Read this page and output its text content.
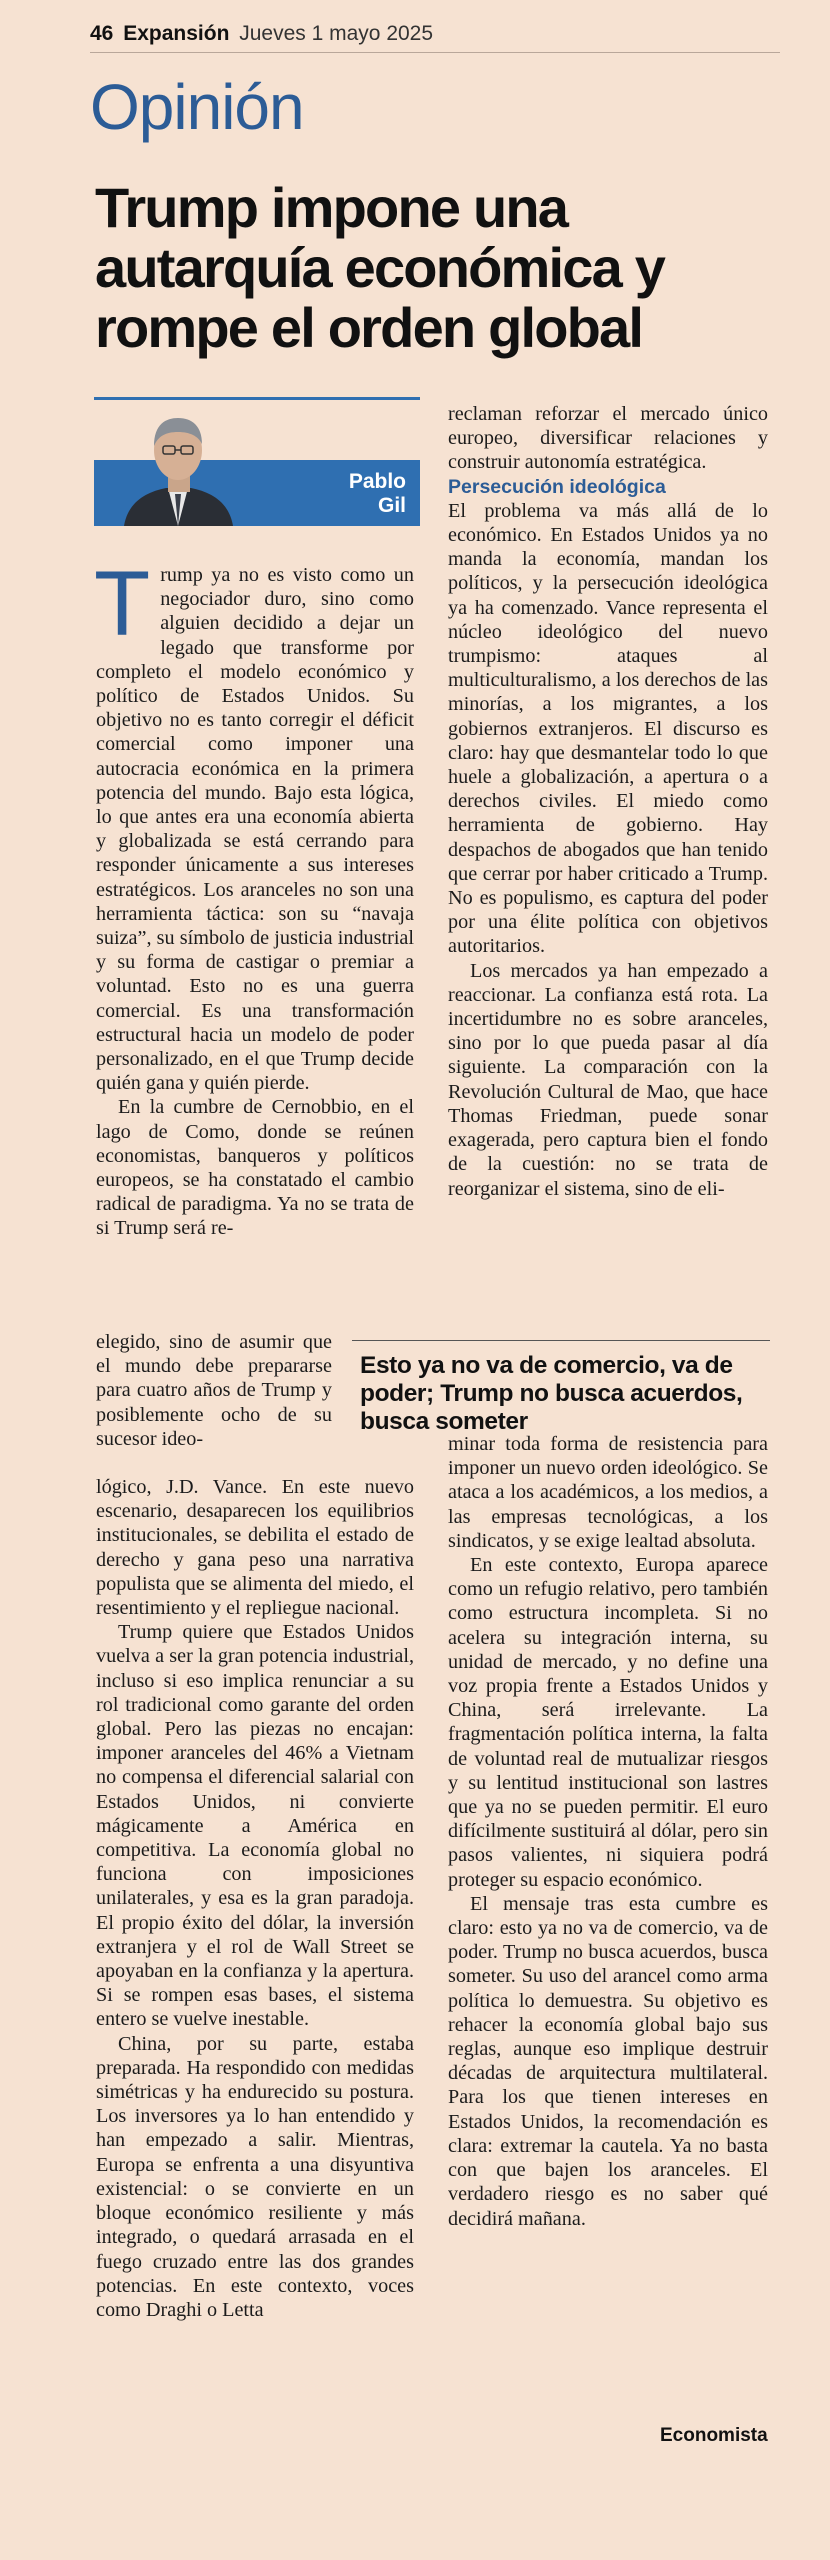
46 Expansión Jueves 1 mayo 2025
Opinión
Trump impone una autarquía económica y rompe el orden global
Pablo
Gil

Trump ya no es visto como un negociador duro, sino como alguien decidido a dejar un legado que transforme por completo el modelo económico y político de Estados Unidos. Su objetivo no es tanto corregir el déficit comercial como imponer una autocracia económica en la primera potencia del mundo. Bajo esta lógica, lo que antes era una economía abierta y globalizada se está cerrando para responder únicamente a sus intereses estratégicos. Los aranceles no son una herramienta táctica: son su “navaja suiza”, su símbolo de justicia industrial y su forma de castigar o premiar a voluntad. Esto no es una guerra comercial. Es una transformación estructural hacia un modelo de poder personalizado, en el que Trump decide quién gana y quién pierde.

En la cumbre de Cernobbio, en el lago de Como, donde se reúnen economistas, banqueros y políticos europeos, se ha constatado el cambio radical de paradigma. Ya no se trata de si Trump será re-

elegido, sino de asumir que el mundo debe prepararse para cuatro años de Trump y posiblemente ocho de su sucesor ideo-

lógico, J.D. Vance. En este nuevo escenario, desaparecen los equilibrios institucionales, se debilita el estado de derecho y gana peso una narrativa populista que se alimenta del miedo, el resentimiento y el repliegue nacional.

Trump quiere que Estados Unidos vuelva a ser la gran potencia industrial, incluso si eso implica renunciar a su rol tradicional como garante del orden global. Pero las piezas no encajan: imponer aranceles del 46% a Vietnam no compensa el diferencial salarial con Estados Unidos, ni convierte mágicamente a América en competitiva. La economía global no funciona con imposiciones unilaterales, y esa es la gran paradoja. El propio éxito del dólar, la inversión extranjera y el rol de Wall Street se apoyaban en la confianza y la apertura. Si se rompen esas bases, el sistema entero se vuelve inestable.

China, por su parte, estaba preparada. Ha respondido con medidas simétricas y ha endurecido su postura. Los inversores ya lo han entendido y han empezado a salir. Mientras, Europa se enfrenta a una disyuntiva existencial: o se convierte en un bloque económico resiliente y más integrado, o quedará arrasada en el fuego cruzado entre las dos grandes potencias. En este contexto, voces como Draghi o Letta

reclaman reforzar el mercado único europeo, diversificar relaciones y construir autonomía estratégica.

Persecución ideológica

El problema va más allá de lo económico. En Estados Unidos ya no manda la economía, mandan los políticos, y la persecución ideológica ya ha comenzado. Vance representa el núcleo ideológico del nuevo trumpismo: ataques al multiculturalismo, a los derechos de las minorías, a los migrantes, a los gobiernos extranjeros. El discurso es claro: hay que desmantelar todo lo que huele a globalización, a apertura o a derechos civiles. El miedo como herramienta de gobierno. Hay despachos de abogados que han tenido que cerrar por haber criticado a Trump. No es populismo, es captura del poder por una élite política con objetivos autoritarios.

Los mercados ya han empezado a reaccionar. La confianza está rota. La incertidumbre no es sobre aranceles, sino por lo que pueda pasar al día siguiente. La comparación con la Revolución Cultural de Mao, que hace Thomas Friedman, puede sonar exagerada, pero captura bien el fondo de la cuestión: no se trata de reorganizar el sistema, sino de eli-

Esto ya no va de comercio, va de poder; Trump no busca acuerdos, busca someter

minar toda forma de resistencia para imponer un nuevo orden ideológico. Se ataca a los académicos, a los medios, a las empresas tecnológicas, a los sindicatos, y se exige lealtad absoluta.

En este contexto, Europa aparece como un refugio relativo, pero también como estructura incompleta. Si no acelera su integración interna, su unidad de mercado, y no define una voz propia frente a Estados Unidos y China, será irrelevante. La fragmentación política interna, la falta de voluntad real de mutualizar riesgos y su lentitud institucional son lastres que ya no se pueden permitir. El euro difícilmente sustituirá al dólar, pero sin pasos valientes, ni siquiera podrá proteger su espacio económico.

El mensaje tras esta cumbre es claro: esto ya no va de comercio, va de poder. Trump no busca acuerdos, busca someter. Su uso del arancel como arma política lo demuestra. Su objetivo es rehacer la economía global bajo sus reglas, aunque eso implique destruir décadas de arquitectura multilateral. Para los que tienen intereses en Estados Unidos, la recomendación es clara: extremar la cautela. Ya no basta con que bajen los aranceles. El verdadero riesgo es no saber qué decidirá mañana.

Economista
